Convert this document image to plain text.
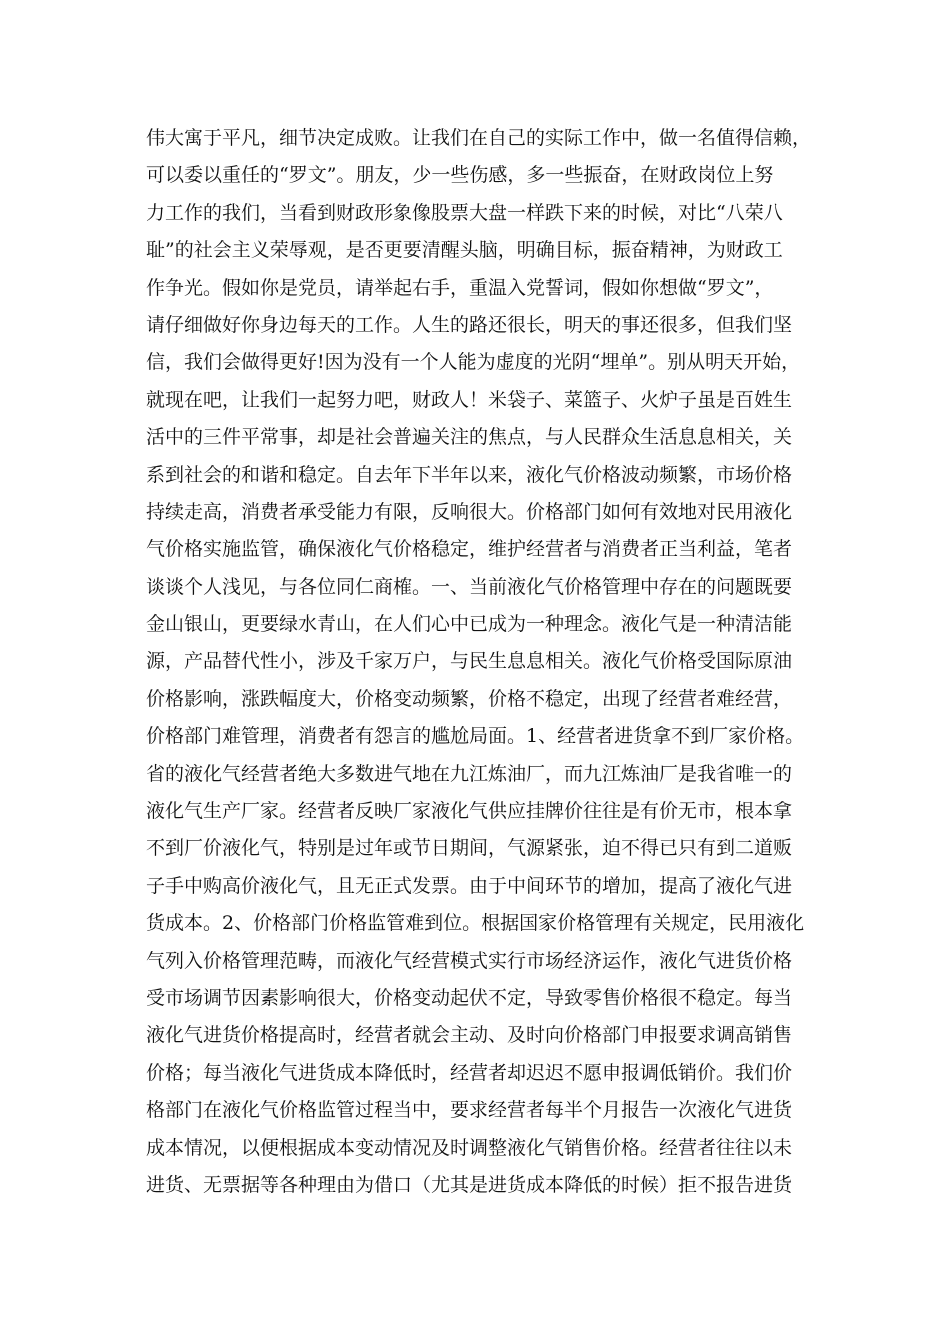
伟大寓于平凡，细节决定成败。让我们在自己的实际工作中，做一名值得信赖，
可以委以重任的“罗文”。朋友，少一些伤感，多一些振奋，在财政岗位上努
力工作的我们，当看到财政形象像股票大盘一样跌下来的时候，对比“八荣八
耻”的社会主义荣辱观，是否更要清醒头脑，明确目标，振奋精神，为财政工
作争光。假如你是党员，请举起右手，重温入党誓词，假如你想做“罗文”，
请仔细做好你身边每天的工作。人生的路还很长，明天的事还很多，但我们坚
信，我们会做得更好!因为没有一个人能为虚度的光阴“埋单”。别从明天开始，
就现在吧，让我们一起努力吧，财政人！米袋子、菜篮子、火炉子虽是百姓生
活中的三件平常事，却是社会普遍关注的焦点，与人民群众生活息息相关，关
系到社会的和谐和稳定。自去年下半年以来，液化气价格波动频繁，市场价格
持续走高，消费者承受能力有限，反响很大。价格部门如何有效地对民用液化
气价格实施监管，确保液化气价格稳定，维护经营者与消费者正当利益，笔者
谈谈个人浅见，与各位同仁商榷。一、当前液化气价格管理中存在的问题既要
金山银山，更要绿水青山，在人们心中已成为一种理念。液化气是一种清洁能
源，产品替代性小，涉及千家万户，与民生息息相关。液化气价格受国际原油
价格影响，涨跌幅度大，价格变动频繁，价格不稳定，出现了经营者难经营，
价格部门难管理，消费者有怨言的尴尬局面。1、经营者进货拿不到厂家价格。
省的液化气经营者绝大多数进气地在九江炼油厂，而九江炼油厂是我省唯一的
液化气生产厂家。经营者反映厂家液化气供应挂牌价往往是有价无市，根本拿
不到厂价液化气，特别是过年或节日期间，气源紧张，迫不得已只有到二道贩
子手中购高价液化气，且无正式发票。由于中间环节的增加，提高了液化气进
货成本。2、价格部门价格监管难到位。根据国家价格管理有关规定，民用液化
气列入价格管理范畴，而液化气经营模式实行市场经济运作，液化气进货价格
受市场调节因素影响很大，价格变动起伏不定，导致零售价格很不稳定。每当
液化气进货价格提高时，经营者就会主动、及时向价格部门申报要求调高销售
价格；每当液化气进货成本降低时，经营者却迟迟不愿申报调低销价。我们价
格部门在液化气价格监管过程当中，要求经营者每半个月报告一次液化气进货
成本情况，以便根据成本变动情况及时调整液化气销售价格。经营者往往以未
进货、无票据等各种理由为借口（尤其是进货成本降低的时候）拒不报告进货
